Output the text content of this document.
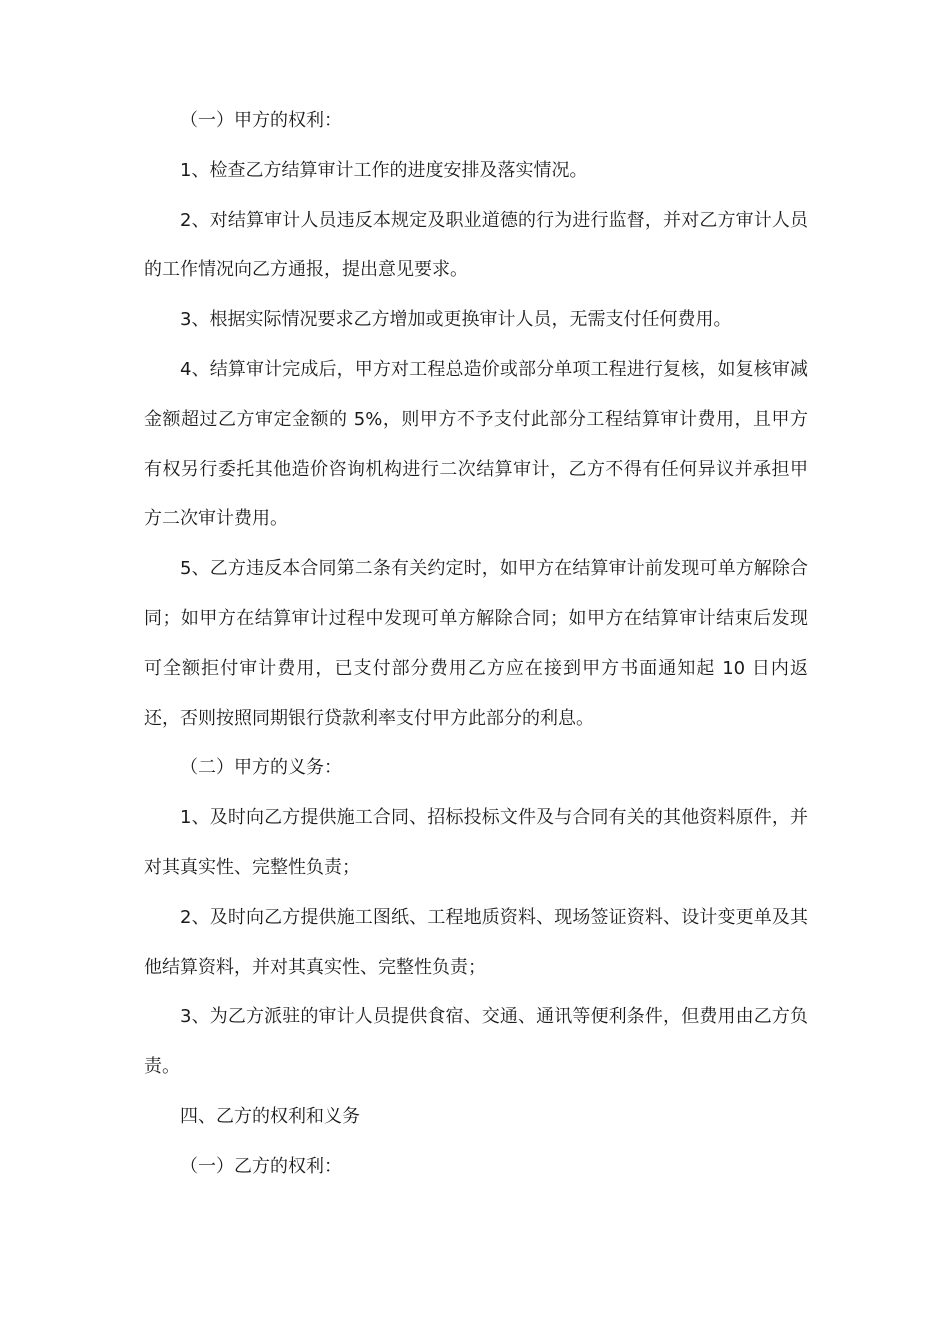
（一）甲方的权利：

1、检查乙方结算审计工作的进度安排及落实情况。

2、对结算审计人员违反本规定及职业道德的行为进行监督，并对乙方审计人员的工作情况向乙方通报，提出意见要求。

3、根据实际情况要求乙方增加或更换审计人员，无需支付任何费用。

4、结算审计完成后，甲方对工程总造价或部分单项工程进行复核，如复核审减金额超过乙方审定金额的 5%，则甲方不予支付此部分工程结算审计费用，且甲方有权另行委托其他造价咨询机构进行二次结算审计，乙方不得有任何异议并承担甲方二次审计费用。

5、乙方违反本合同第二条有关约定时，如甲方在结算审计前发现可单方解除合同；如甲方在结算审计过程中发现可单方解除合同；如甲方在结算审计结束后发现可全额拒付审计费用，已支付部分费用乙方应在接到甲方书面通知起 10 日内返还，否则按照同期银行贷款利率支付甲方此部分的利息。

（二）甲方的义务：

1、及时向乙方提供施工合同、招标投标文件及与合同有关的其他资料原件，并对其真实性、完整性负责；

2、及时向乙方提供施工图纸、工程地质资料、现场签证资料、设计变更单及其他结算资料，并对其真实性、完整性负责；

3、为乙方派驻的审计人员提供食宿、交通、通讯等便利条件，但费用由乙方负责。

四、乙方的权利和义务

（一）乙方的权利：
